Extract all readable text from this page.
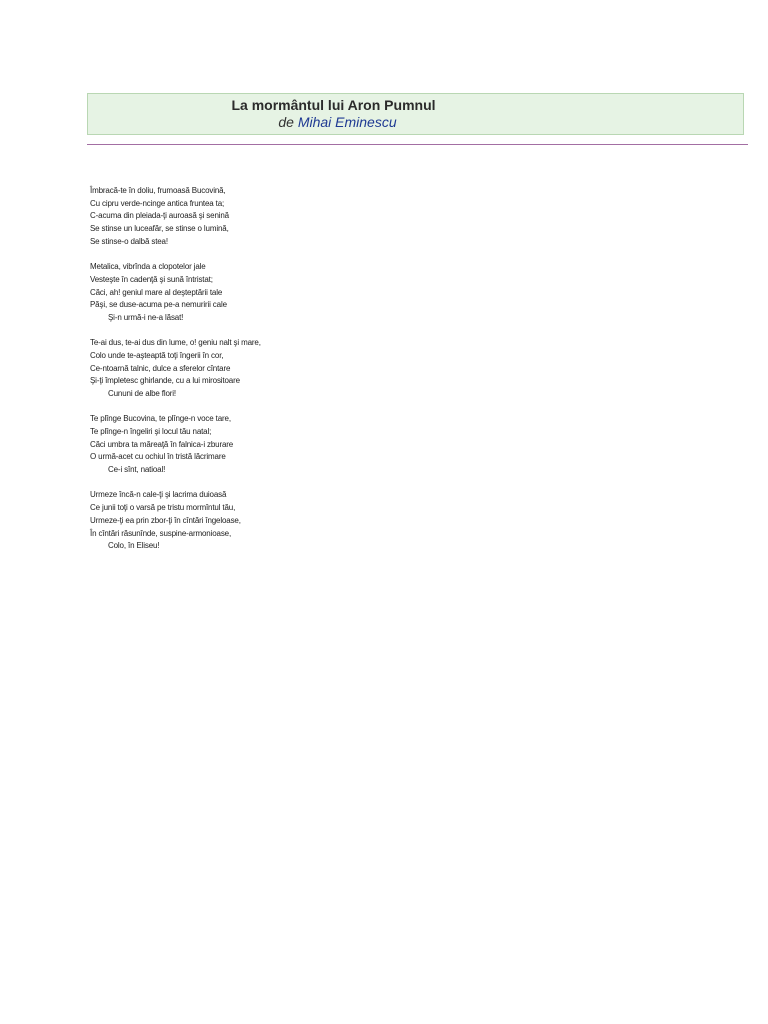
La mormântul lui Aron Pumnul
de Mihai Eminescu
Îmbracă-te în doliu, frumoasă Bucovină,
Cu cipru verde-ncinge antica fruntea ta;
C-acuma din pleiada-ţi auroasă şi senină
Se stinse un luceafăr, se stinse o lumină,
Se stinse-o dalbă stea!
Metalica, vibrînda a clopotelor jale
Vesteşte în cadenţă şi sună întristat;
Căci, ah! geniul mare al deşteptării tale
Păşi, se duse-acuma pe-a nemuririi cale
Şi-n urmă-i ne-a lăsat!
Te-ai dus, te-ai dus din lume, o! geniu nalt şi mare,
Colo unde te-aşteaptă toţi îngerii în cor,
Ce-ntoarnă talnic, dulce a sferelor cîntare
Şi-ţi împletesc ghirlande, cu a lui mirositoare
Cununi de albe flori!
Te plînge Bucovina, te plînge-n voce tare,
Te plînge-n îngeliri şi locul tău natal;
Căci umbra ta măreaţă în falnica-i zburare
O urmă-acet cu ochiul în tristă lăcrimare
Ce-i sînt, natioal!
Urmeze încă-n cale-ţi şi lacrima duioasă
Ce junii toţi o varsă pe tristu mormîntul tău,
Urmeze-ţi ea prin zbor-ţi în cîntări îngeloase,
În cîntări răsunînde, suspine-armonioase,
Colo, în Eliseu!
